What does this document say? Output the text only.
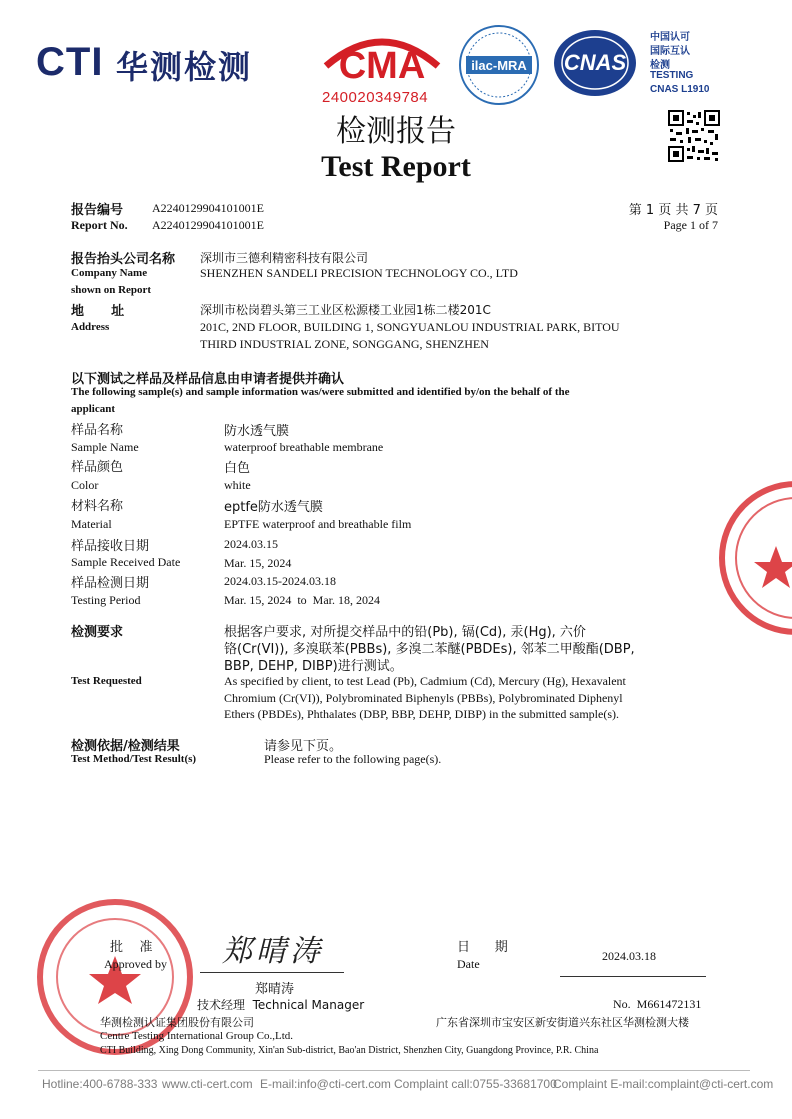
CTI 华测检测 CMA
240020349784
ilac-MRA CNAS
中国认可
国际互认
检测
TESTING
CNAS L1910
检测报告
Test Report
报告编号 A2240129904101001E
Report No. A2240129904101001E
第 1 页 共 7 页
Page 1 of 7
报告抬头公司名称 深圳市三德利精密科技有限公司
Company Name	SHENZHEN SANDELI PRECISION TECHNOLOGY CO., LTD
shown on Report
地      址	深圳市松岗碧头第三工业区松源楼工业园1栋二楼201C
Address	201C, 2ND FLOOR, BUILDING 1, SONGYUANLOU INDUSTRIAL PARK, BITOU
THIRD INDUSTRIAL ZONE, SONGGANG, SHENZHEN
以下测试之样品及样品信息由申请者提供并确认
The following sample(s) and sample information was/were submitted and identified by/on the behalf of the
applicant
样品名称	防水透气膜
Sample Name	waterproof breathable membrane
样品颜色	白色
Color	white
材料名称	eptfe防水透气膜
Material	EPTFE waterproof and breathable film
样品接收日期	2024.03.15
Sample Received Date	Mar. 15, 2024
样品检测日期	2024.03.15-2024.03.18
Testing Period	Mar. 15, 2024  to  Mar. 18, 2024
检测要求	根据客户要求, 对所提交样品中的铅(Pb), 镉(Cd), 汞(Hg), 六价
铬(Cr(VI)), 多溴联苯(PBBs), 多溴二苯醚(PBDEs), 邻苯二甲酸酯(DBP,
BBP, DEHP, DIBP)进行测试。
Test Requested	As specified by client, to test Lead (Pb), Cadmium (Cd), Mercury (Hg), Hexavalent
Chromium (Cr(VI)), Polybrominated Biphenyls (PBBs), Polybrominated Diphenyl
Ethers (PBDEs), Phthalates (DBP, BBP, DEHP, DIBP) in the submitted sample(s).
检测依据/检测结果	请参见下页。
Test Method/Test Result(s)	Please refer to the following page(s).
批    准
Approved by 郑晴涛
郑晴涛
技术经理  Technical Manager
日      期
Date
2024.03.18
No.  M661472131
华测检测认证集团股份有限公司	广东省深圳市宝安区新安街道兴东社区华测检测大楼
Centre Testing International Group Co.,Ltd.
CTI Building, Xing Dong Community, Xin'an Sub-district, Bao'an District, Shenzhen City, Guangdong Province, P.R. China
Hotline:400-6788-333 www.cti-cert.com E-mail:info@cti-cert.com Complaint call:0755-33681700
Complaint E-mail:complaint@cti-cert.com
